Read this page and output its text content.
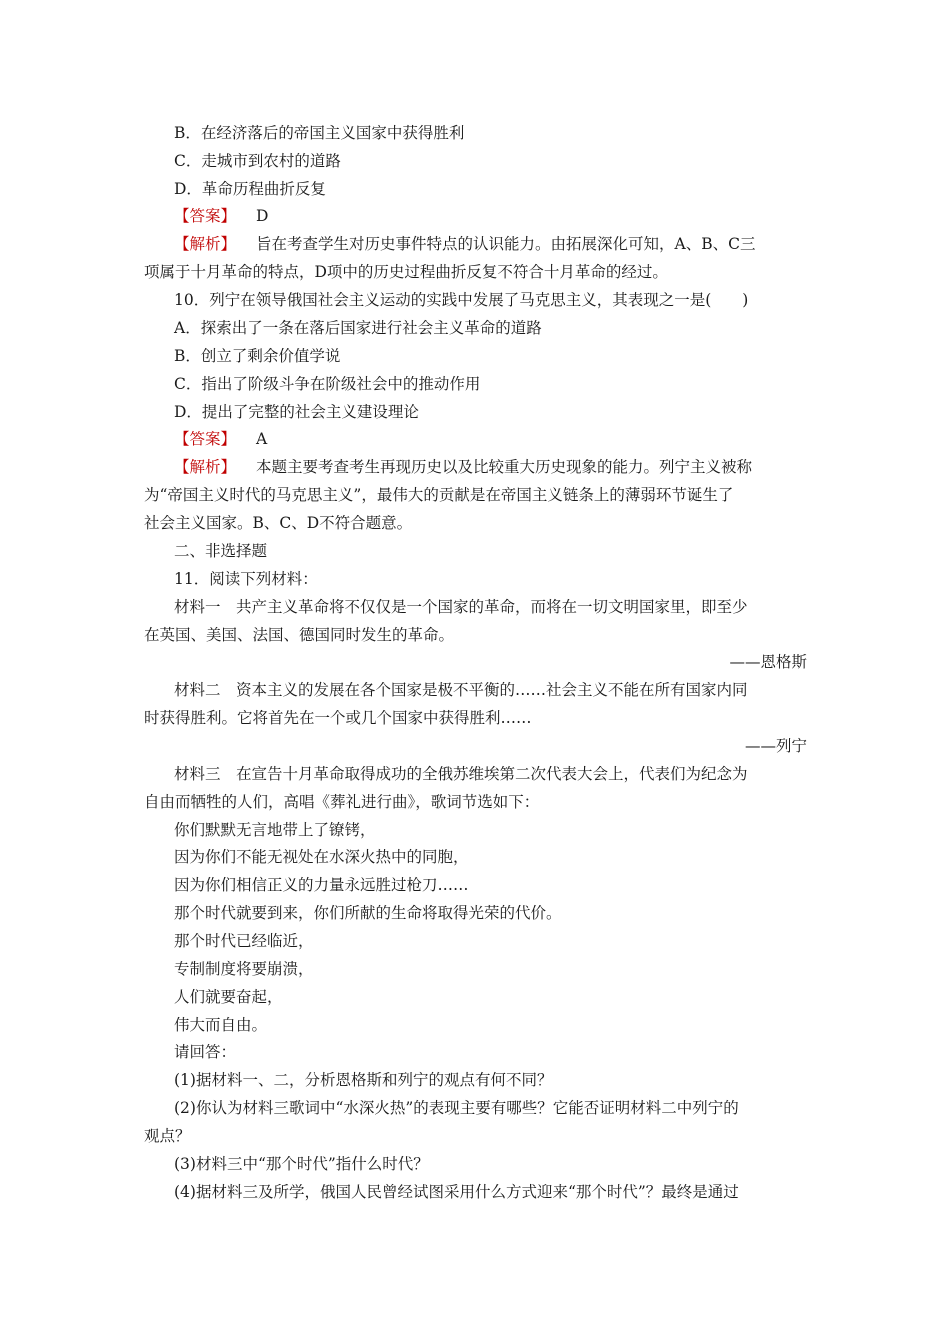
B．在经济落后的帝国主义国家中获得胜利
C．走城市到农村的道路
D．革命历程曲折反复
【答案】 D
【解析】 旨在考查学生对历史事件特点的认识能力。由拓展深化可知，A、B、C三
项属于十月革命的特点，D项中的历史过程曲折反复不符合十月革命的经过。
10．列宁在领导俄国社会主义运动的实践中发展了马克思主义，其表现之一是(　　)
A．探索出了一条在落后国家进行社会主义革命的道路
B．创立了剩余价值学说
C．指出了阶级斗争在阶级社会中的推动作用
D．提出了完整的社会主义建设理论
【答案】 A
【解析】 本题主要考查考生再现历史以及比较重大历史现象的能力。列宁主义被称
为“帝国主义时代的马克思主义”，最伟大的贡献是在帝国主义链条上的薄弱环节诞生了
社会主义国家。B、C、D不符合题意。
二、非选择题
11．阅读下列材料：
材料一　共产主义革命将不仅仅是一个国家的革命，而将在一切文明国家里，即至少
在英国、美国、法国、德国同时发生的革命。
——恩格斯
材料二　资本主义的发展在各个国家是极不平衡的……社会主义不能在所有国家内同
时获得胜利。它将首先在一个或几个国家中获得胜利……
——列宁
材料三　在宣告十月革命取得成功的全俄苏维埃第二次代表大会上，代表们为纪念为
自由而牺牲的人们，高唱《葬礼进行曲》，歌词节选如下：
你们默默无言地带上了镣铐，
因为你们不能无视处在水深火热中的同胞，
因为你们相信正义的力量永远胜过枪刀……
那个时代就要到来，你们所献的生命将取得光荣的代价。
那个时代已经临近，
专制制度将要崩溃，
人们就要奋起，
伟大而自由。
请回答：
(1)据材料一、二，分析恩格斯和列宁的观点有何不同？
(2)你认为材料三歌词中“水深火热”的表现主要有哪些？它能否证明材料二中列宁的
观点？
(3)材料三中“那个时代”指什么时代？
(4)据材料三及所学，俄国人民曾经试图采用什么方式迎来“那个时代”？最终是通过
